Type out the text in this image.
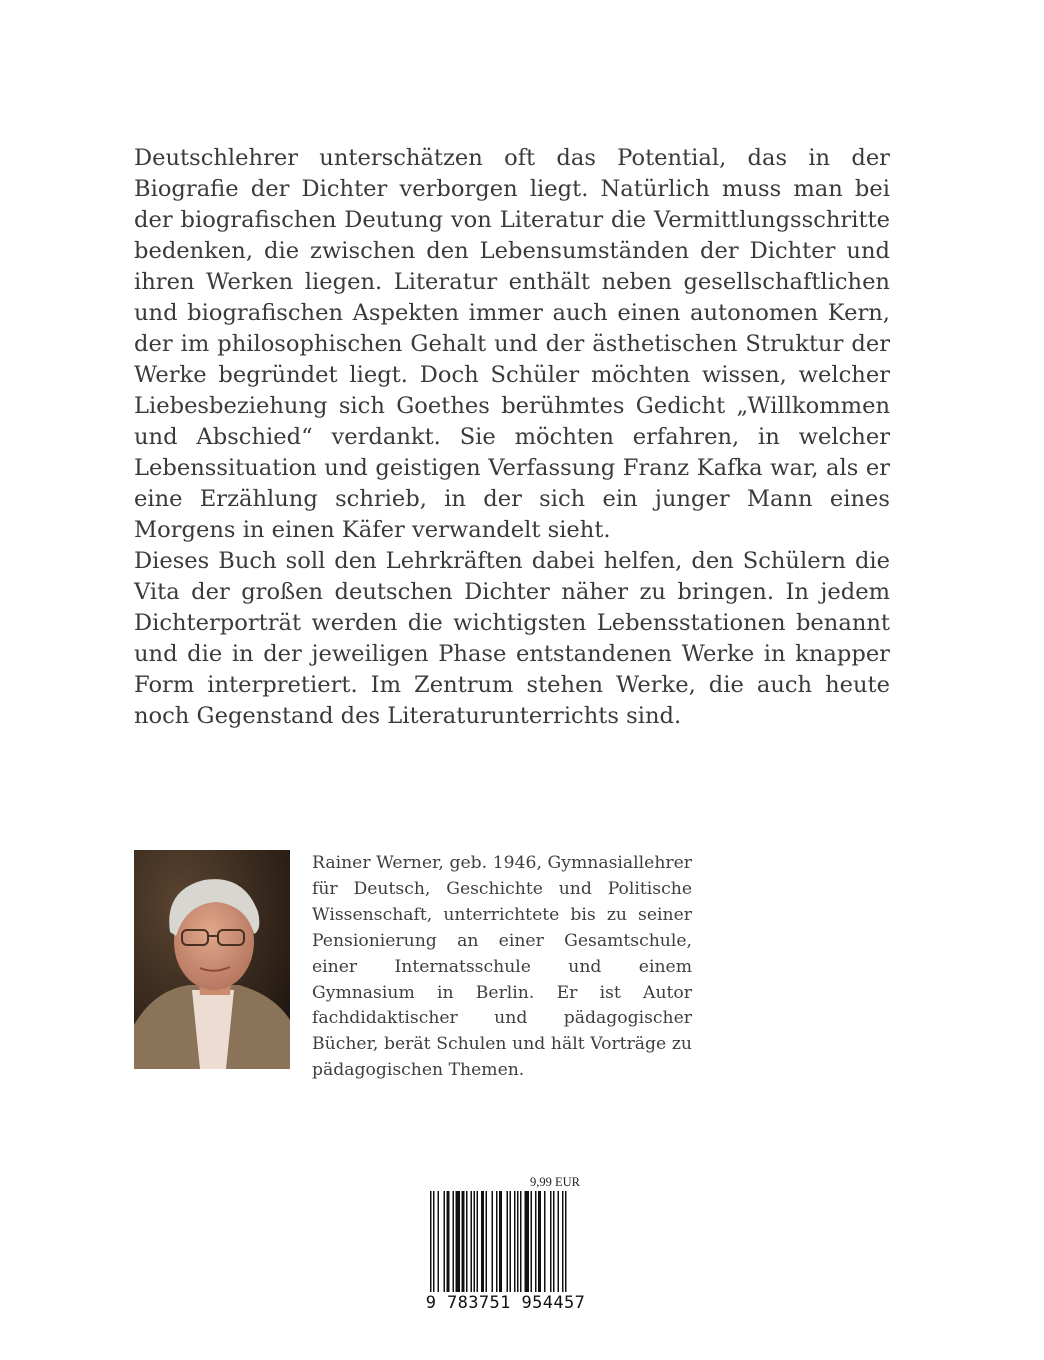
Deutschlehrer unterschätzen oft das Potential, das in der Biografie der Dichter verborgen liegt. Natürlich muss man bei der biografischen Deutung von Literatur die Vermittlungsschritte bedenken, die zwischen den Lebensumständen der Dichter und ihren Werken liegen. Literatur enthält neben gesellschaftlichen und biografischen Aspekten immer auch einen autonomen Kern, der im philosophischen Gehalt und der ästhetischen Struktur der Werke begründet liegt. Doch Schüler möchten wissen, welcher Liebesbeziehung sich Goethes berühmtes Gedicht „Willkommen und Abschied“ verdankt. Sie möchten erfahren, in welcher Lebenssituation und geistigen Verfassung Franz Kafka war, als er eine Erzählung schrieb, in der sich ein junger Mann eines Morgens in einen Käfer verwandelt sieht.

Dieses Buch soll den Lehrkräften dabei helfen, den Schülern die Vita der großen deutschen Dichter näher zu bringen. In jedem Dichterporträt werden die wichtigsten Lebensstationen benannt und die in der jeweiligen Phase entstandenen Werke in knapper Form interpretiert. Im Zentrum stehen Werke, die auch heute noch Gegenstand des Literaturunterrichts sind.

Rainer Werner, geb. 1946, Gymnasiallehrer für Deutsch, Geschichte und Politische Wissenschaft, unterrichtete bis zu seiner Pensionierung an einer Gesamtschule, einer Internatsschule und einem Gymnasium in Berlin. Er ist Autor fachdidaktischer und pädagogischer Bücher, berät Schulen und hält Vorträge zu pädagogischen Themen.

9,99 EUR
9 783751 954457
